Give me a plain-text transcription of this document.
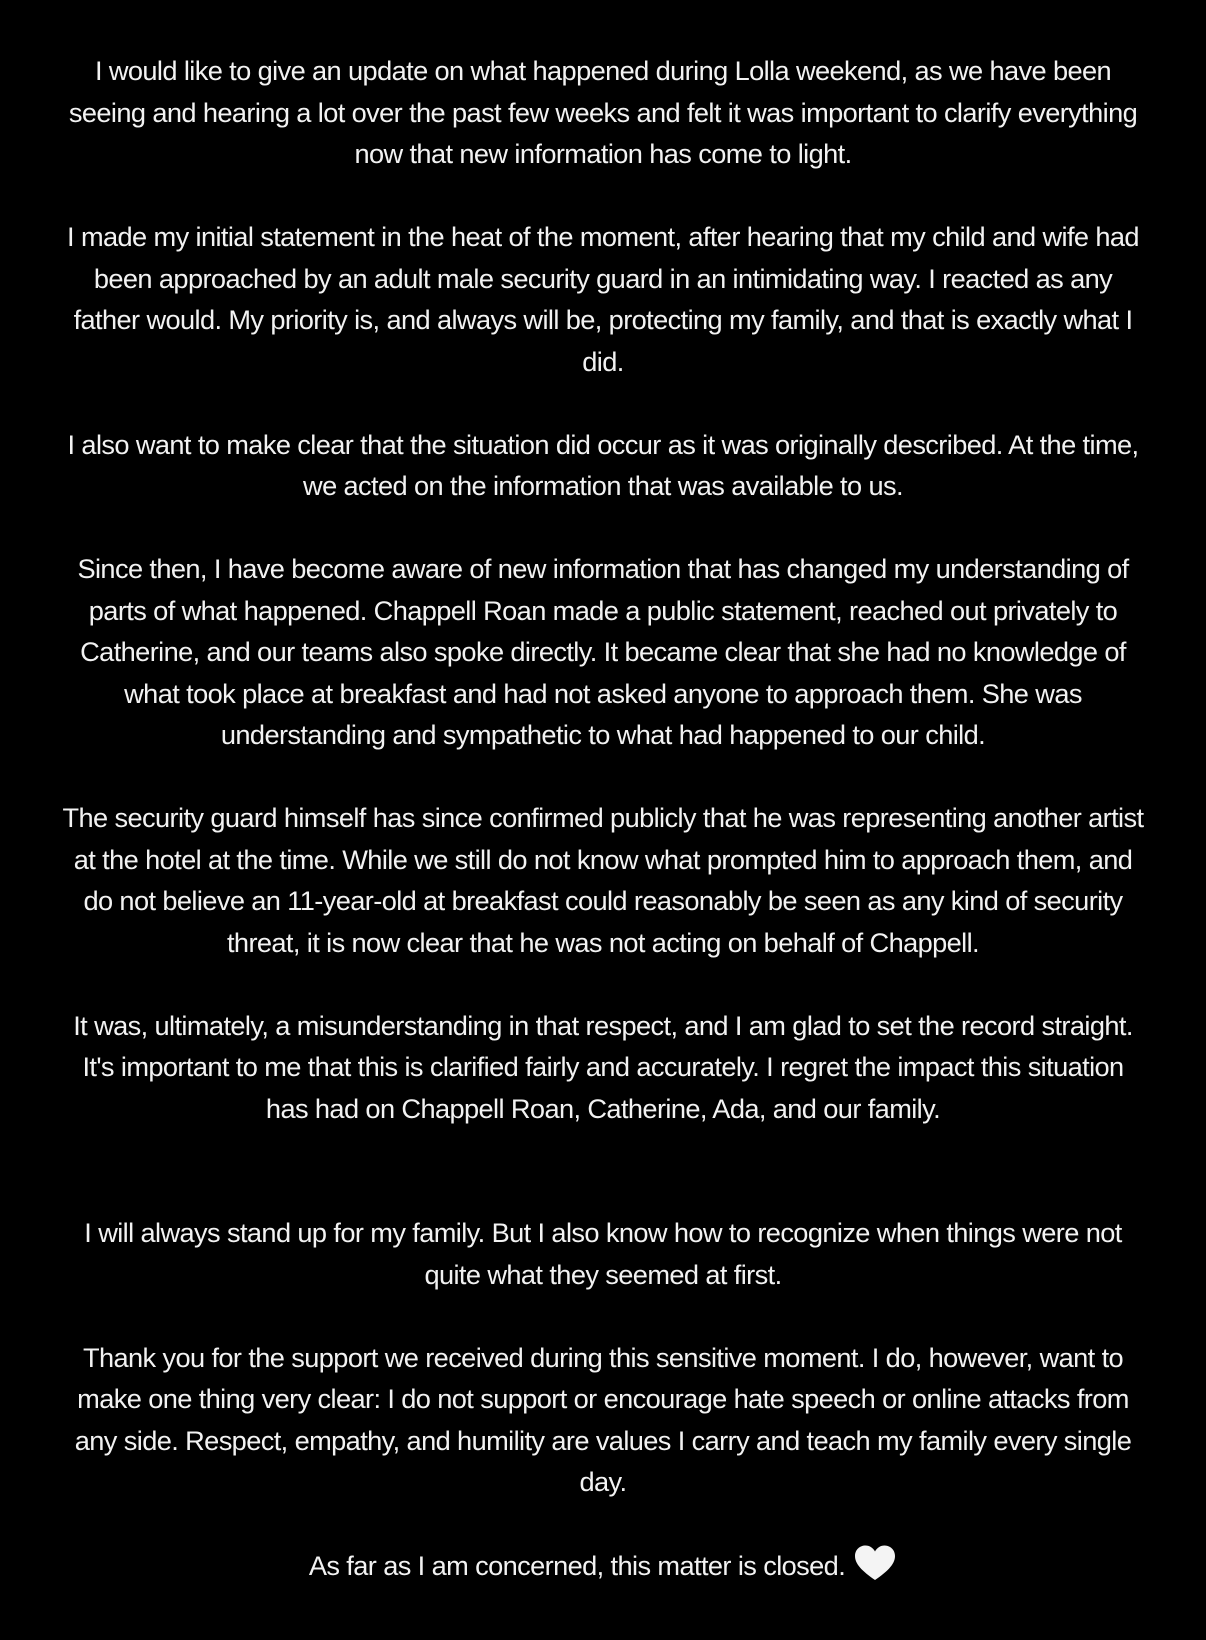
I would like to give an update on what happened during Lolla weekend, as we have been seeing and hearing a lot over the past few weeks and felt it was important to clarify everything now that new information has come to light.

I made my initial statement in the heat of the moment, after hearing that my child and wife had been approached by an adult male security guard in an intimidating way. I reacted as any father would. My priority is, and always will be, protecting my family, and that is exactly what I did.

I also want to make clear that the situation did occur as it was originally described. At the time, we acted on the information that was available to us.

Since then, I have become aware of new information that has changed my understanding of parts of what happened. Chappell Roan made a public statement, reached out privately to Catherine, and our teams also spoke directly. It became clear that she had no knowledge of what took place at breakfast and had not asked anyone to approach them. She was understanding and sympathetic to what had happened to our child.

The security guard himself has since confirmed publicly that he was representing another artist at the hotel at the time. While we still do not know what prompted him to approach them, and do not believe an 11-year-old at breakfast could reasonably be seen as any kind of security threat, it is now clear that he was not acting on behalf of Chappell.

It was, ultimately, a misunderstanding in that respect, and I am glad to set the record straight. It's important to me that this is clarified fairly and accurately. I regret the impact this situation has had on Chappell Roan, Catherine, Ada, and our family.

I will always stand up for my family. But I also know how to recognize when things were not quite what they seemed at first.

Thank you for the support we received during this sensitive moment. I do, however, want to make one thing very clear: I do not support or encourage hate speech or online attacks from any side. Respect, empathy, and humility are values I carry and teach my family every single day.

As far as I am concerned, this matter is closed.
